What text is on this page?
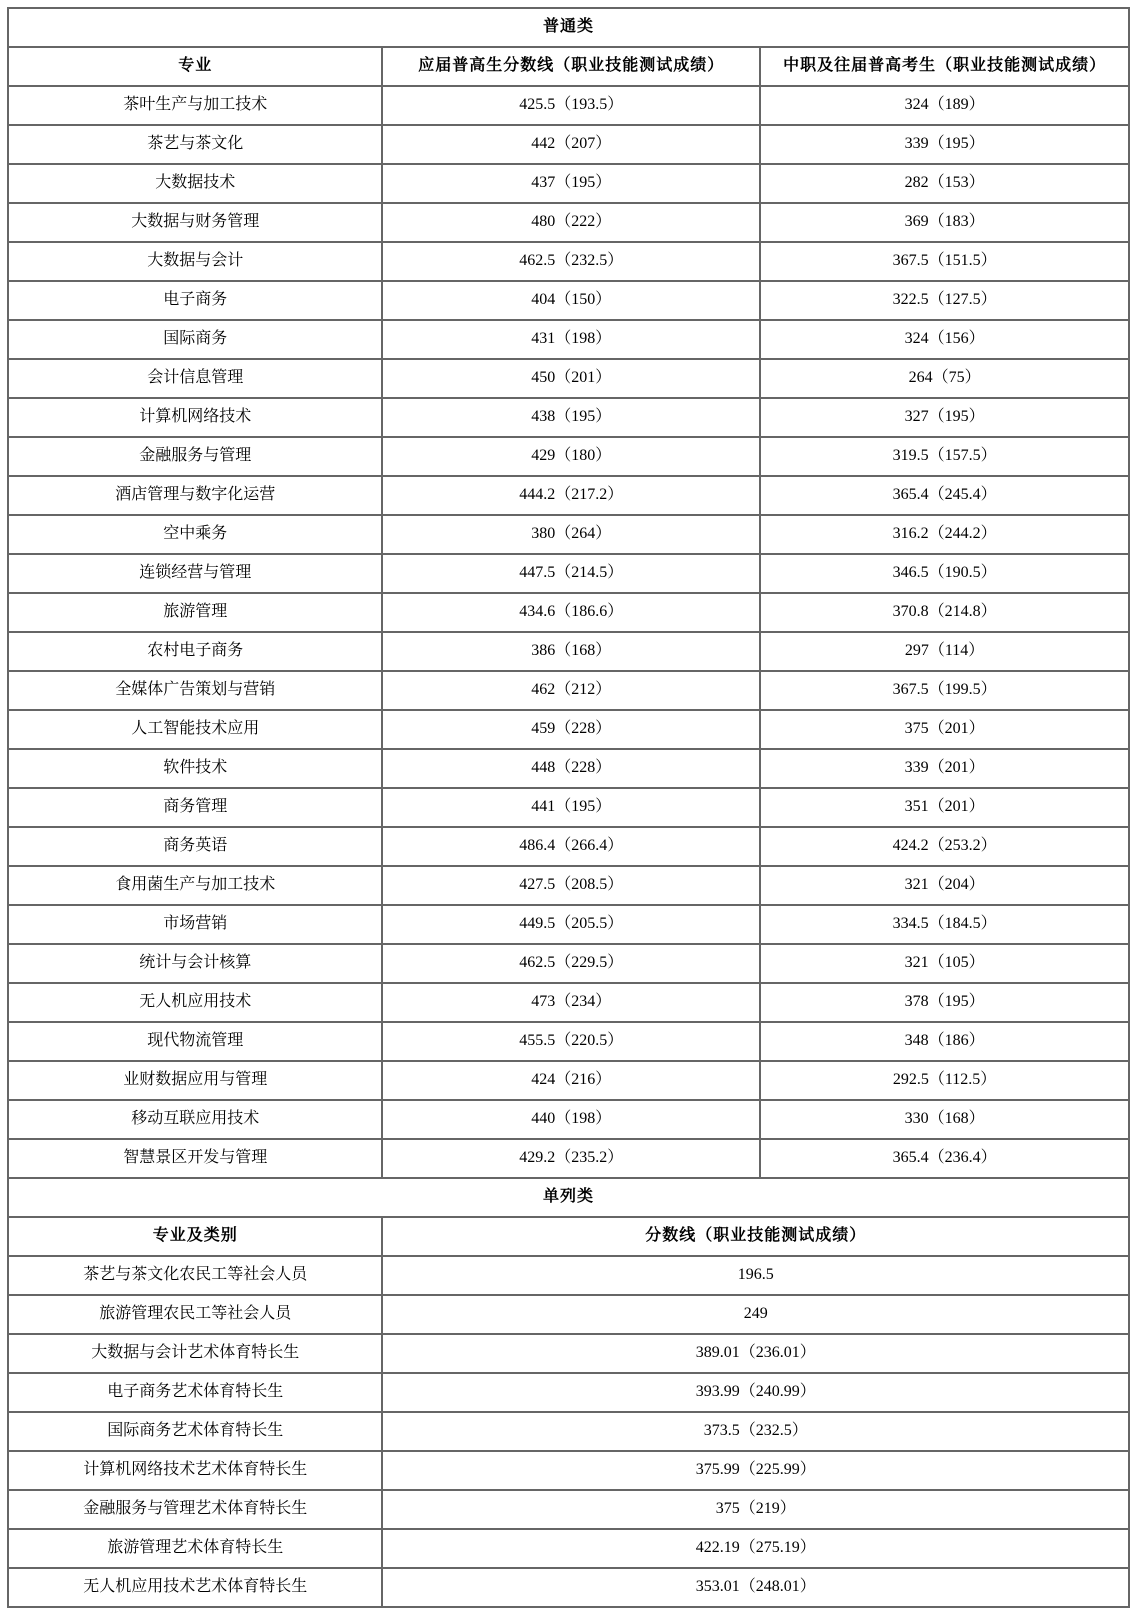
普通类		
专业	应届普高生分数线（职业技能测试成绩）	中职及往届普高考生（职业技能测试成绩）
茶叶生产与加工技术	425.5（193.5）	324（189）
茶艺与茶文化	442（207）	339（195）
大数据技术	437（195）	282（153）
大数据与财务管理	480（222）	369（183）
大数据与会计	462.5（232.5）	367.5（151.5）
电子商务	404（150）	322.5（127.5）
国际商务	431（198）	324（156）
会计信息管理	450（201）	264（75）
计算机网络技术	438（195）	327（195）
金融服务与管理	429（180）	319.5（157.5）
酒店管理与数字化运营	444.2（217.2）	365.4（245.4）
空中乘务	380（264）	316.2（244.2）
连锁经营与管理	447.5（214.5）	346.5（190.5）
旅游管理	434.6（186.6）	370.8（214.8）
农村电子商务	386（168）	297（114）
全媒体广告策划与营销	462（212）	367.5（199.5）
人工智能技术应用	459（228）	375（201）
软件技术	448（228）	339（201）
商务管理	441（195）	351（201）
商务英语	486.4（266.4）	424.2（253.2）
食用菌生产与加工技术	427.5（208.5）	321（204）
市场营销	449.5（205.5）	334.5（184.5）
统计与会计核算	462.5（229.5）	321（105）
无人机应用技术	473（234）	378（195）
现代物流管理	455.5（220.5）	348（186）
业财数据应用与管理	424（216）	292.5（112.5）
移动互联应用技术	440（198）	330（168）
智慧景区开发与管理	429.2（235.2）	365.4（236.4）
单列类		
专业及类别	分数线（职业技能测试成绩）	
茶艺与茶文化农民工等社会人员	196.5	
旅游管理农民工等社会人员	249	
大数据与会计艺术体育特长生	389.01（236.01）	
电子商务艺术体育特长生	393.99（240.99）	
国际商务艺术体育特长生	373.5（232.5）	
计算机网络技术艺术体育特长生	375.99（225.99）	
金融服务与管理艺术体育特长生	375（219）	
旅游管理艺术体育特长生	422.19（275.19）	
无人机应用技术艺术体育特长生	353.01（248.01）	
